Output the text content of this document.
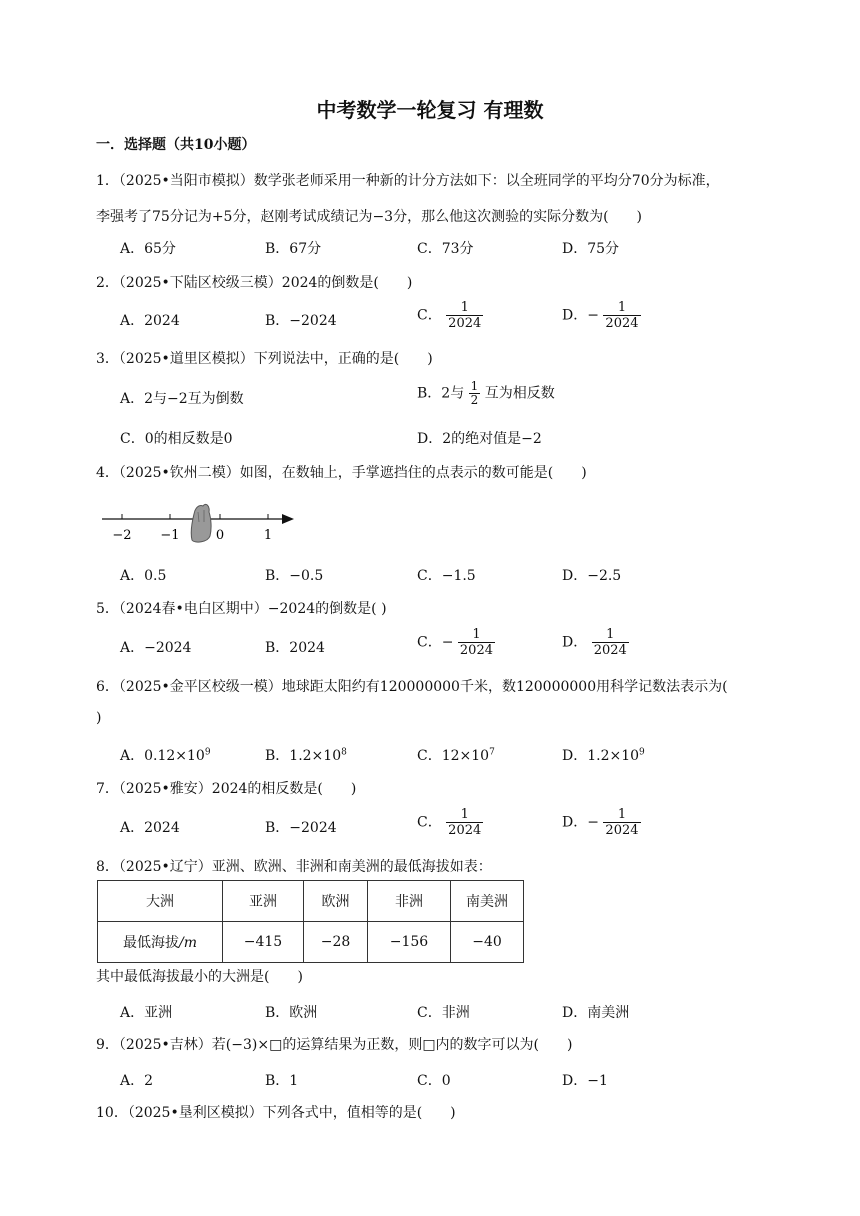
中考数学一轮复习 有理数
一．选择题（共10小题）
1．（2025•当阳市模拟）数学张老师采用一种新的计分方法如下：以全班同学的平均分70分为标准，
李强考了75分记为+5分，赵刚考试成绩记为−3分，那么他这次测验的实际分数为(　　)
A．65分	B．67分	C．73分	D．75分
2．（2025•下陆区校级三模）2024的倒数是(　　)
A．2024	B．−2024	C． $\frac{1}{2024}$	D．− $\frac{1}{2024}$
3．（2025•道里区模拟）下列说法中，正确的是(　　)
A．2与−2互为倒数	B．2与 $\frac{1}{2}$ 互为相反数
C．0的相反数是0	D．2的绝对值是−2
4．（2025•钦州二模）如图，在数轴上，手掌遮挡住的点表示的数可能是(　　)
−2 −1	0	1
A．0.5	B．−0.5	C．−1.5	D．−2.5
5．（2024春•电白区期中）−2024的倒数是( )
A．−2024	B．2024	C．− $\frac{1}{2024}$	D． $\frac{1}{2024}$
6．（2025•金平区校级一模）地球距太阳约有120000000千米，数120000000用科学记数法表示为(
)
A．$0.12\times 10^9$	B．$1.2\times 10^8$	C．$12\times 10^7$	D．$1.2\times 10^9$
7．（2025•雅安）2024的相反数是(　　)
A．2024	B．−2024	C． $\frac{1}{2024}$	D．− $\frac{1}{2024}$
8．（2025•辽宁）亚洲、欧洲、非洲和南美洲的最低海拔如表：
大洲	亚洲	欧洲	非洲	南美洲
最低海拔/m	−415	−28	−156	−40
其中最低海拔最小的大洲是(　　)
A．亚洲	B．欧洲	C．非洲	D．南美洲
9．（2025•吉林）若(−3)×□的运算结果为正数，则□内的数字可以为(　　)
A．2	B．1	C．0	D．−1
10．（2025•垦利区模拟）下列各式中，值相等的是(　　)
